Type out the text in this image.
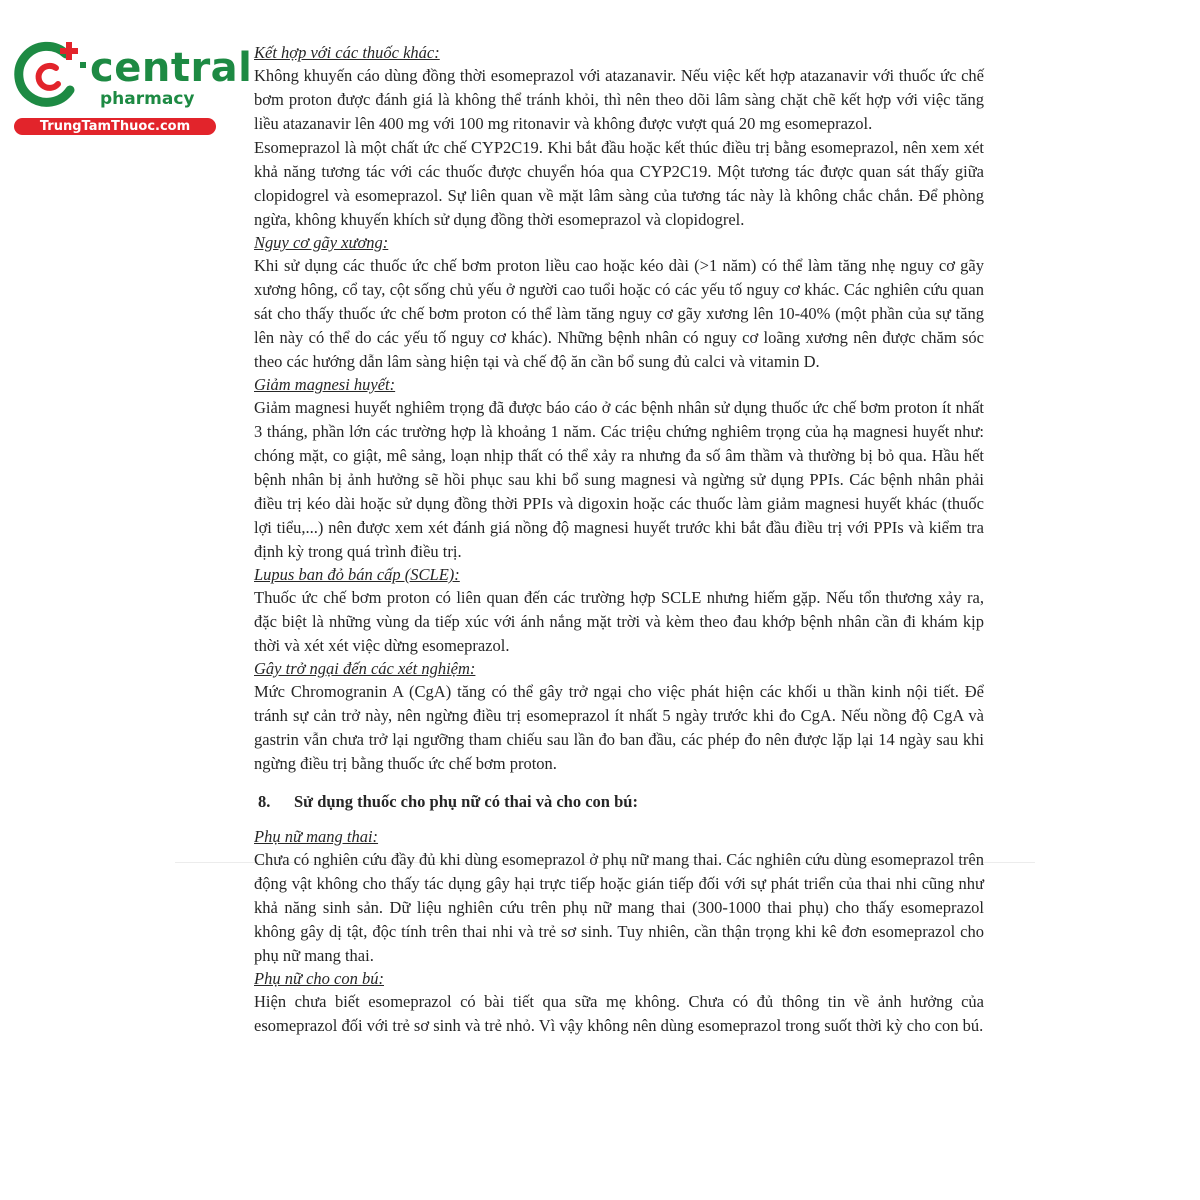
central
pharmacy
TrungTamThuoc.com

Kết hợp với các thuốc khác:

Không khuyến cáo dùng đồng thời esomeprazol với atazanavir. Nếu việc kết hợp atazanavir với thuốc ức chế bơm proton được đánh giá là không thể tránh khỏi, thì nên theo dõi lâm sàng chặt chẽ kết hợp với việc tăng liều atazanavir lên 400 mg với 100 mg ritonavir và không được vượt quá 20 mg esomeprazol.

Esomeprazol là một chất ức chế CYP2C19. Khi bắt đầu hoặc kết thúc điều trị bằng esomeprazol, nên xem xét khả năng tương tác với các thuốc được chuyển hóa qua CYP2C19. Một tương tác được quan sát thấy giữa clopidogrel và esomeprazol. Sự liên quan về mặt lâm sàng của tương tác này là không chắc chắn. Để phòng ngừa, không khuyến khích sử dụng đồng thời esomeprazol và clopidogrel.

Nguy cơ gãy xương:

Khi sử dụng các thuốc ức chế bơm proton liều cao hoặc kéo dài (>1 năm) có thể làm tăng nhẹ nguy cơ gãy xương hông, cổ tay, cột sống chủ yếu ở người cao tuổi hoặc có các yếu tố nguy cơ khác. Các nghiên cứu quan sát cho thấy thuốc ức chế bơm proton có thể làm tăng nguy cơ gãy xương lên 10-40% (một phần của sự tăng lên này có thể do các yếu tố nguy cơ khác). Những bệnh nhân có nguy cơ loãng xương nên được chăm sóc theo các hướng dẫn lâm sàng hiện tại và chế độ ăn cần bổ sung đủ calci và vitamin D.

Giảm magnesi huyết:

Giảm magnesi huyết nghiêm trọng đã được báo cáo ở các bệnh nhân sử dụng thuốc ức chế bơm proton ít nhất 3 tháng, phần lớn các trường hợp là khoảng 1 năm. Các triệu chứng nghiêm trọng của hạ magnesi huyết như: chóng mặt, co giật, mê sảng, loạn nhịp thất có thể xảy ra nhưng đa số âm thầm và thường bị bỏ qua. Hầu hết bệnh nhân bị ảnh hưởng sẽ hồi phục sau khi bổ sung magnesi và ngừng sử dụng PPIs. Các bệnh nhân phải điều trị kéo dài hoặc sử dụng đồng thời PPIs và digoxin hoặc các thuốc làm giảm magnesi huyết khác (thuốc lợi tiểu,...) nên được xem xét đánh giá nồng độ magnesi huyết trước khi bắt đầu điều trị với PPIs và kiểm tra định kỳ trong quá trình điều trị.

Lupus ban đỏ bán cấp (SCLE):

Thuốc ức chế bơm proton có liên quan đến các trường hợp SCLE nhưng hiếm gặp. Nếu tổn thương xảy ra, đặc biệt là những vùng da tiếp xúc với ánh nắng mặt trời và kèm theo đau khớp bệnh nhân cần đi khám kịp thời và xét xét việc dừng esomeprazol.

Gây trở ngại đến các xét nghiệm:

Mức Chromogranin A (CgA) tăng có thể gây trở ngại cho việc phát hiện các khối u thần kinh nội tiết. Để tránh sự cản trở này, nên ngừng điều trị esomeprazol ít nhất 5 ngày trước khi đo CgA. Nếu nồng độ CgA và gastrin vẫn chưa trở lại ngưỡng tham chiếu sau lần đo ban đầu, các phép đo nên được lặp lại 14 ngày sau khi ngừng điều trị bằng thuốc ức chế bơm proton.

8. Sử dụng thuốc cho phụ nữ có thai và cho con bú:

Phụ nữ mang thai:

Chưa có nghiên cứu đầy đủ khi dùng esomeprazol ở phụ nữ mang thai. Các nghiên cứu dùng esomeprazol trên động vật không cho thấy tác dụng gây hại trực tiếp hoặc gián tiếp đối với sự phát triển của thai nhi cũng như khả năng sinh sản. Dữ liệu nghiên cứu trên phụ nữ mang thai (300-1000 thai phụ) cho thấy esomeprazol không gây dị tật, độc tính trên thai nhi và trẻ sơ sinh. Tuy nhiên, cần thận trọng khi kê đơn esomeprazol cho phụ nữ mang thai.

Phụ nữ cho con bú:

Hiện chưa biết esomeprazol có bài tiết qua sữa mẹ không. Chưa có đủ thông tin về ảnh hưởng của esomeprazol đối với trẻ sơ sinh và trẻ nhỏ. Vì vậy không nên dùng esomeprazol trong suốt thời kỳ cho con bú.
